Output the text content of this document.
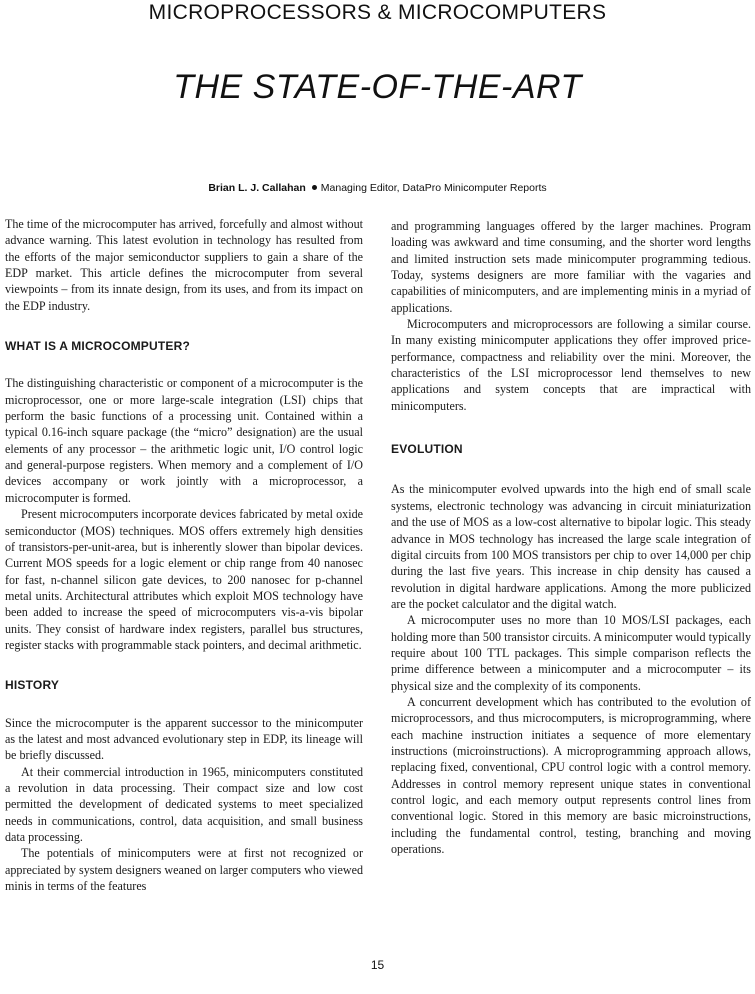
MICROPROCESSORS & MICROCOMPUTERS
THE STATE-OF-THE-ART
Brian L. J. Callahan Managing Editor, DataPro Minicomputer Reports

The time of the microcomputer has arrived, forcefully and almost without advance warning. This latest evolution in technology has resulted from the efforts of the major semiconductor suppliers to gain a share of the EDP market. This article defines the microcomputer from several viewpoints – from its innate design, from its uses, and from its impact on the EDP industry.

WHAT IS A MICROCOMPUTER?

The distinguishing characteristic or component of a microcomputer is the microprocessor, one or more large-scale integration (LSI) chips that perform the basic functions of a processing unit. Contained within a typical 0.16-inch square package (the “micro” designation) are the usual elements of any processor – the arithmetic logic unit, I/O control logic and general-purpose registers. When memory and a complement of I/O devices accompany or work jointly with a microprocessor, a microcomputer is formed.

Present microcomputers incorporate devices fabricated by metal oxide semiconductor (MOS) techniques. MOS offers extremely high densities of transistors-per-unit-area, but is inherently slower than bipolar devices. Current MOS speeds for a logic element or chip range from 40 nanosec for fast, n-channel silicon gate devices, to 200 nanosec for p-channel metal units. Architectural attributes which exploit MOS technology have been added to increase the speed of microcomputers vis-a-vis bipolar units. They consist of hardware index registers, parallel bus structures, register stacks with programmable stack pointers, and decimal arithmetic.

HISTORY

Since the microcomputer is the apparent successor to the minicomputer as the latest and most advanced evolutionary step in EDP, its lineage will be briefly discussed.

At their commercial introduction in 1965, minicomputers constituted a revolution in data processing. Their compact size and low cost permitted the development of dedicated systems to meet specialized needs in communications, control, data acquisition, and small business data processing.

The potentials of minicomputers were at first not recognized or appreciated by system designers weaned on larger computers who viewed minis in terms of the features

and programming languages offered by the larger machines. Program loading was awkward and time consuming, and the shorter word lengths and limited instruction sets made minicomputer programming tedious. Today, systems designers are more familiar with the vagaries and capabilities of minicomputers, and are implementing minis in a myriad of applications.

Microcomputers and microprocessors are following a similar course. In many existing minicomputer applications they offer improved price-performance, compactness and reliability over the mini. Moreover, the characteristics of the LSI microprocessor lend themselves to new applications and system concepts that are impractical with minicomputers.

EVOLUTION

As the minicomputer evolved upwards into the high end of small scale systems, electronic technology was advancing in circuit miniaturization and the use of MOS as a low-cost alternative to bipolar logic. This steady advance in MOS technology has increased the large scale integration of digital circuits from 100 MOS transistors per chip to over 14,000 per chip during the last five years. This increase in chip density has caused a revolution in digital hardware applications. Among the more publicized are the pocket calculator and the digital watch.

A microcomputer uses no more than 10 MOS/LSI packages, each holding more than 500 transistor circuits. A minicomputer would typically require about 100 TTL packages. This simple comparison reflects the prime difference between a minicomputer and a microcomputer – its physical size and the complexity of its components.

A concurrent development which has contributed to the evolution of microprocessors, and thus microcomputers, is microprogramming, where each machine instruction initiates a sequence of more elementary instructions (microinstructions). A microprogramming approach allows, replacing fixed, conventional, CPU control logic with a control memory. Addresses in control memory represent unique states in conventional control logic, and each memory output represents control lines from conventional logic. Stored in this memory are basic microinstructions, including the fundamental control, testing, branching and moving operations.

15
